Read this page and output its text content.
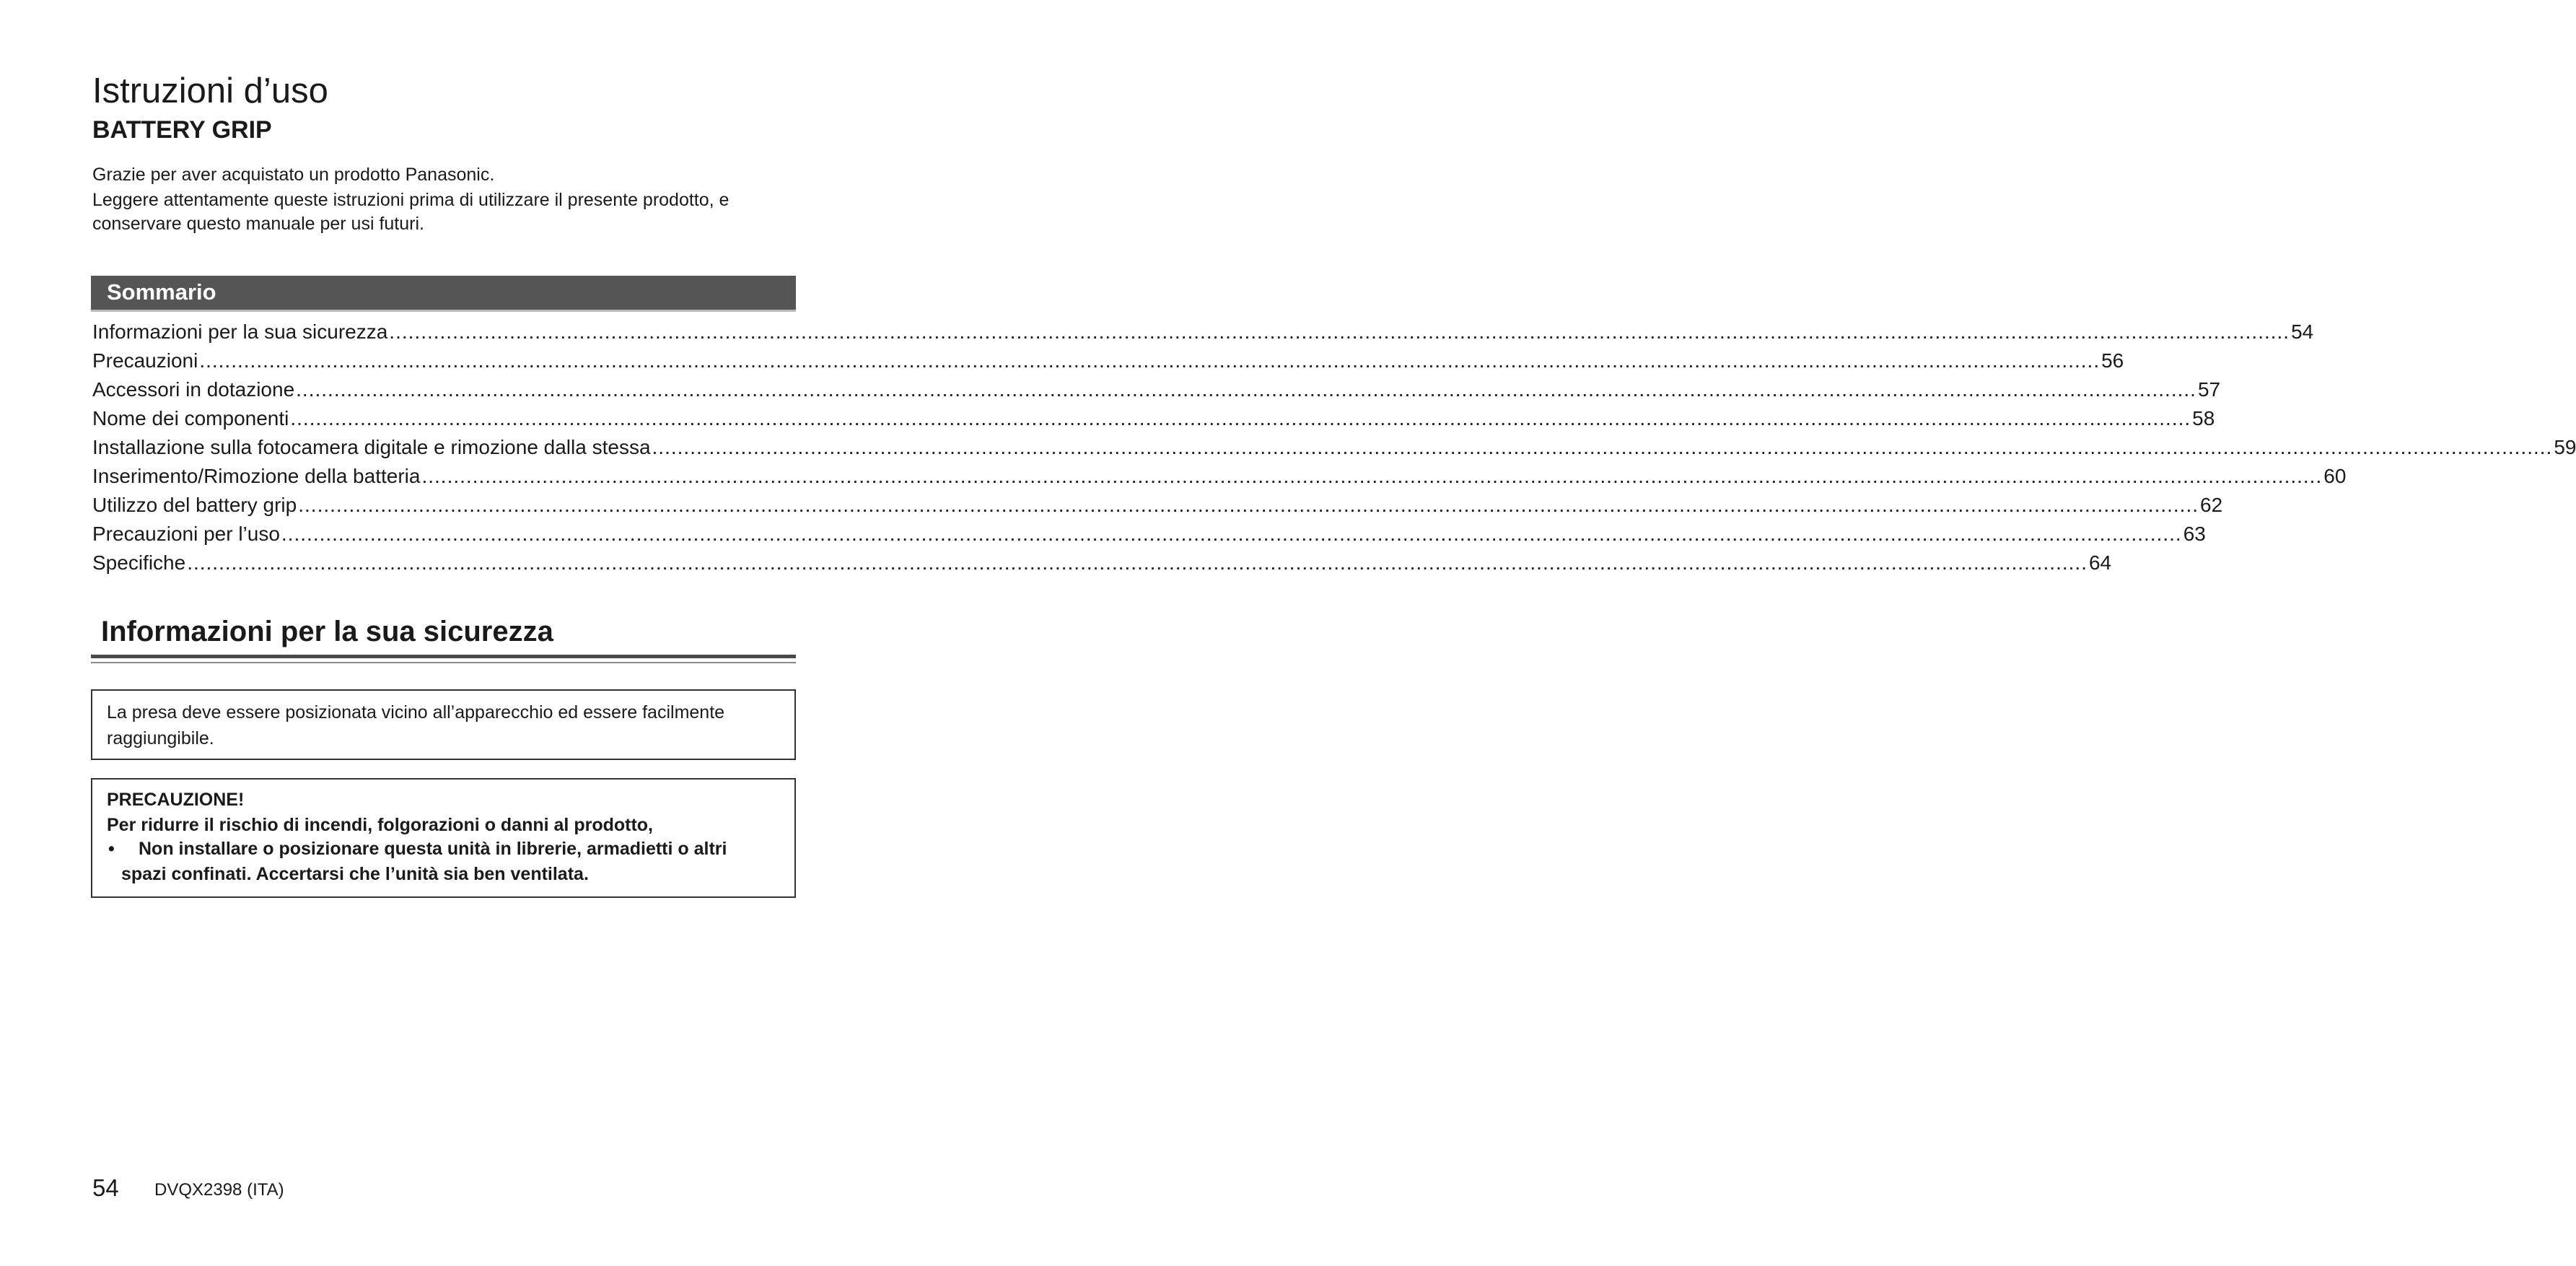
Istruzioni d’uso
BATTERY GRIP

Grazie per aver acquistato un prodotto Panasonic.

Leggere attentamente queste istruzioni prima di utilizzare il presente prodotto, e conservare questo manuale per usi futuri.

Sommario
Informazioni per la sua sicurezza ............................................................................................................................................................................................................................................................................................................ 54
Precauzioni ............................................................................................................................................................................................................................................................................................................ 56
Accessori in dotazione ............................................................................................................................................................................................................................................................................................................ 57
Nome dei componenti ............................................................................................................................................................................................................................................................................................................ 58
Installazione sulla fotocamera digitale e rimozione dalla stessa ............................................................................................................................................................................................................................................................................................................ 59
Inserimento/Rimozione della batteria ............................................................................................................................................................................................................................................................................................................ 60
Utilizzo del battery grip ............................................................................................................................................................................................................................................................................................................ 62
Precauzioni per l’uso ............................................................................................................................................................................................................................................................................................................ 63
Specifiche ............................................................................................................................................................................................................................................................................................................ 64
Informazioni per la sua sicurezza

La presa deve essere posizionata vicino all’apparecchio ed essere facilmente raggiungibile.

PRECAUZIONE!

Per ridurre il rischio di incendi, folgorazioni o danni al prodotto,

• Non installare o posizionare questa unità in librerie, armadietti o altri

spazi confinati. Accertarsi che l’unità sia ben ventilata.

54 DVQX2398 (ITA)
